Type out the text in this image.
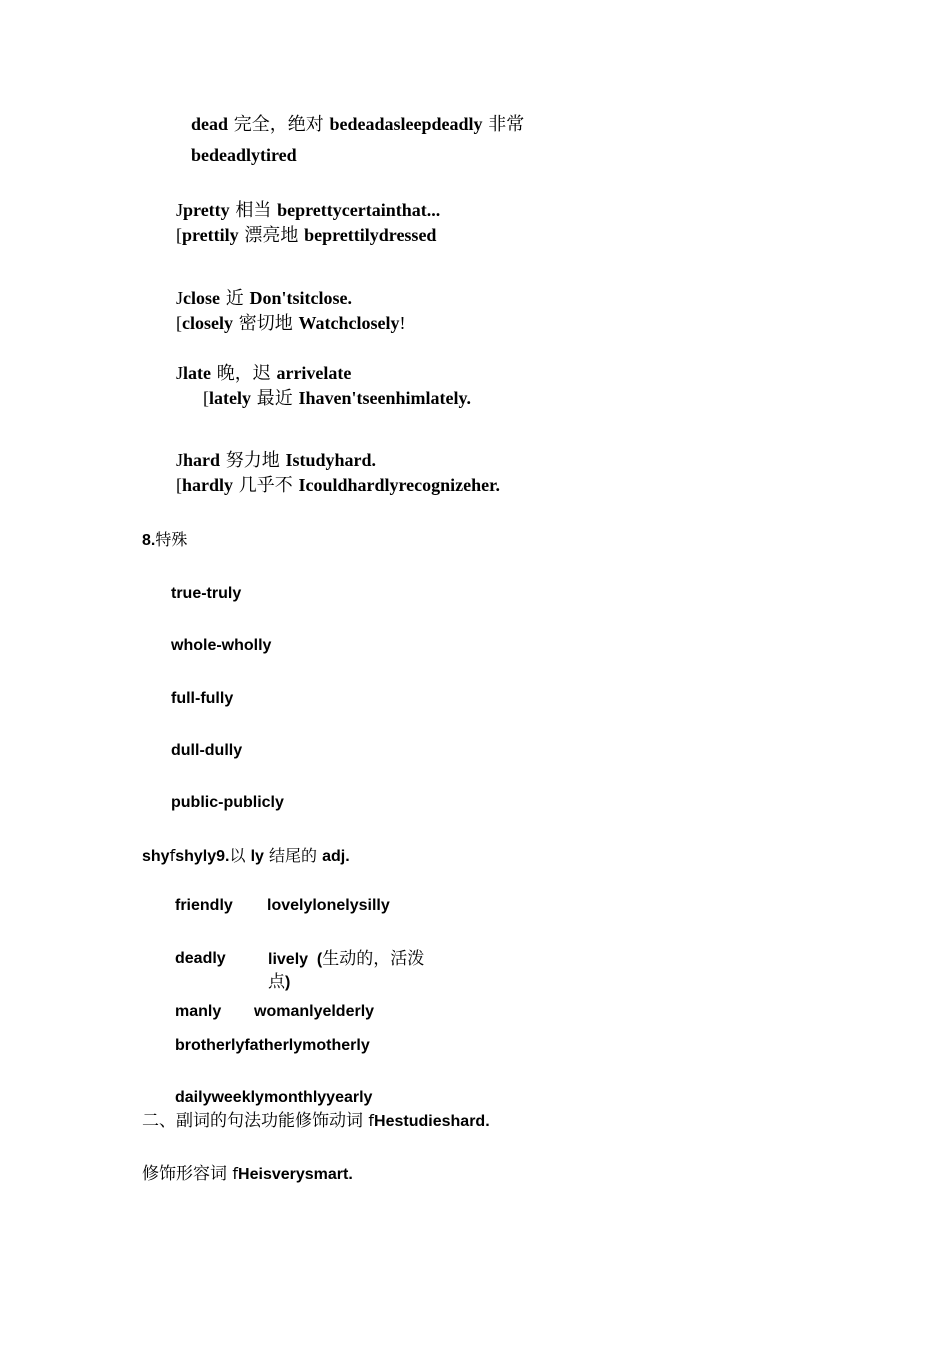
dead 完全，绝对 bedeadasleepdeadly 非常
bedeadlytired
Jpretty 相当 beprettycertainthat...
[prettily 漂亮地 beprettilydressed
Jclose 近 Don'tsitclose.
[closely 密切地 Watchclosely!
Jlate 晚，迟 arrivelate
[lately 最近 Ihaven'tseenhimlately.
Jhard 努力地 Istudyhard.
[hardly 几乎不 Icouldhardlyrecognizeher.
8.特殊
true-truly
whole-wholly
full-fully
dull-dully
public-publicly
shyfshyly9.以 ly 结尾的 adj.
friendly lovelylonelysilly
deadly	lively (生动的，活泼
点)
manly womanlyelderly
brotherlyfatherlymotherly
dailyweeklymonthlyyearly
二、副词的句法功能修饰动词 fHestudieshard.
修饰形容词 fHeisverysmart.
